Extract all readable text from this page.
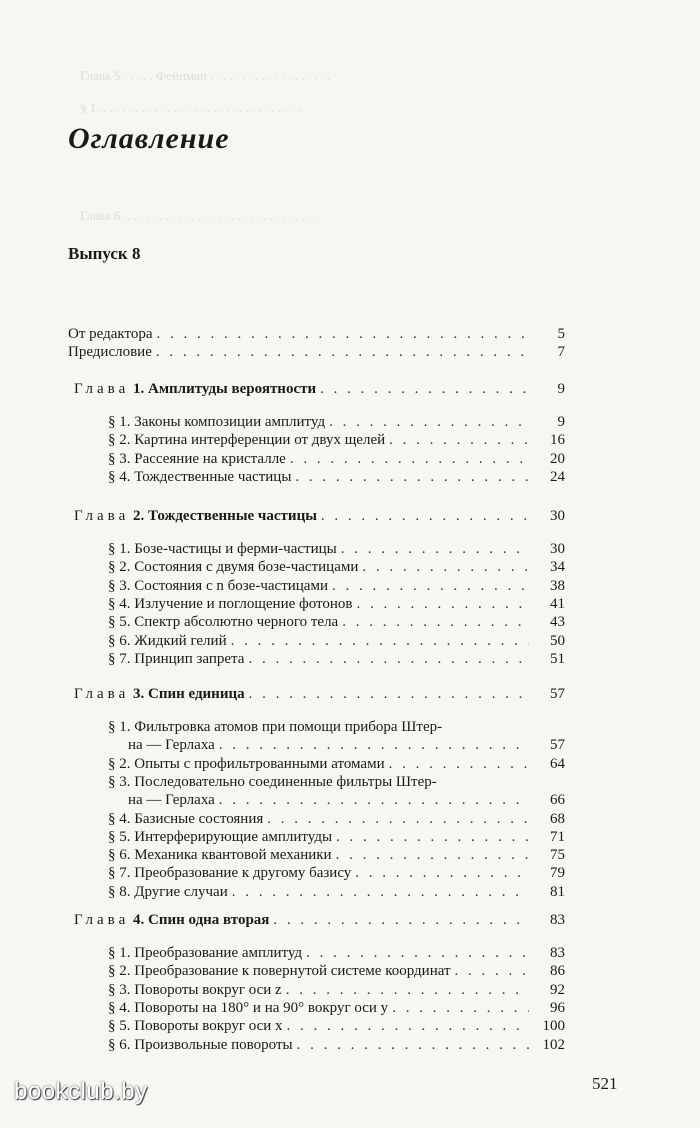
Глава 5 . . . . . Фейнман . . . . . . . . . . . . . . . . . . .
§ 1. . . . . . . . . . . . . . . . . . . . . . . . . . . . . . . .
Глава 6. . . . . . . . . . . . . . . . . . . . . . . . . . . . . . .
Оглавление
Выпуск 8
От редактора . . .	5
Предисловие . . .	7
Глава 1. Амплитуды вероятности . . .	9
§ 1. Законы композиции амплитуд . . .	9
§ 2. Картина интерференции от двух щелей . . .	16
§ 3. Рассеяние на кристалле . . .	20
§ 4. Тождественные частицы . . .	24
Глава 2. Тождественные частицы . . .	30
§ 1. Бозе-частицы и ферми-частицы . . .	30
§ 2. Состояния с двумя бозе-частицами . . .	34
§ 3. Состояния с n бозе-частицами . . .	38
§ 4. Излучение и поглощение фотонов . . .	41
§ 5. Спектр абсолютно черного тела . . .	43
§ 6. Жидкий гелий . . .	50
§ 7. Принцип запрета . . .	51
Глава 3. Спин единица . . .	57
§ 1. Фильтровка атомов при помощи прибора Штер-
на — Герлаха . . .	57
§ 2. Опыты с профильтрованными атомами . . .	64
§ 3. Последовательно соединенные фильтры Штер-
на — Герлаха . . .	66
§ 4. Базисные состояния . . .	68
§ 5. Интерферирующие амплитуды . . .	71
§ 6. Механика квантовой механики . . .	75
§ 7. Преобразование к другому базису . . .	79
§ 8. Другие случаи . . .	81
Глава 4. Спин одна вторая . . .	83
§ 1. Преобразование амплитуд . . .	83
§ 2. Преобразование к повернутой системе координат . . .	86
§ 3. Повороты вокруг оси z . . .	92
§ 4. Повороты на 180° и на 90° вокруг оси y . . .	96
§ 5. Повороты вокруг оси x . . .	100
§ 6. Произвольные повороты . . .	102
521
bookclub.by
